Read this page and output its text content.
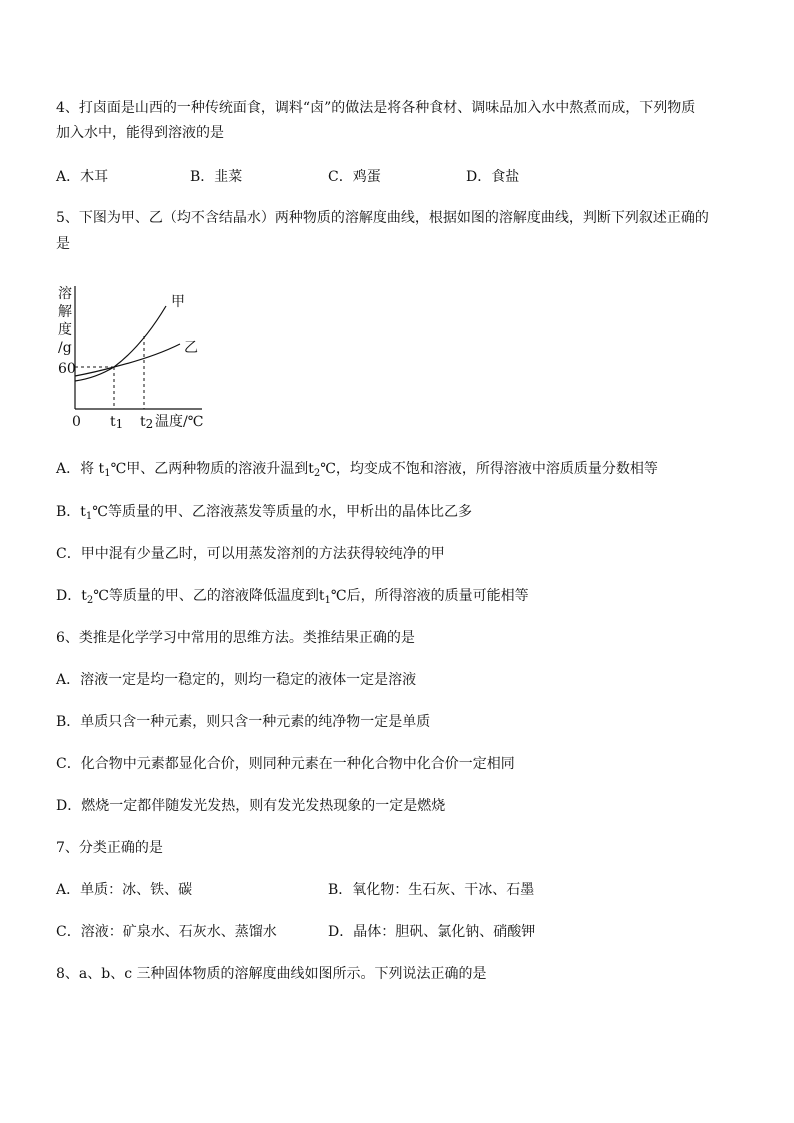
4、打卤面是山西的一种传统面食，调料“卤”的做法是将各种食材、调味品加入水中熬煮而成，下列物质
加入水中，能得到溶液的是
A．木耳	B．韭菜	C．鸡蛋	D．食盐
5、下图为甲、乙（均不含结晶水）两种物质的溶解度曲线，根据如图的溶解度曲线，判断下列叙述正确的
是
溶
解
度
/g
60
0 t1 t2 温度/℃
甲
乙
A．将 $t_1℃$甲、乙两种物质的溶液升温到$t_2℃$，均变成不饱和溶液，所得溶液中溶质质量分数相等
B．$t_1℃$等质量的甲、乙溶液蒸发等质量的水，甲析出的晶体比乙多
C．甲中混有少量乙时，可以用蒸发溶剂的方法获得较纯净的甲
D．$t_2℃$等质量的甲、乙的溶液降低温度到$t_1℃$后，所得溶液的质量可能相等
6、类推是化学学习中常用的思维方法。类推结果正确的是
A．溶液一定是均一稳定的，则均一稳定的液体一定是溶液
B．单质只含一种元素，则只含一种元素的纯净物一定是单质
C．化合物中元素都显化合价，则同种元素在一种化合物中化合价一定相同
D．燃烧一定都伴随发光发热，则有发光发热现象的一定是燃烧
7、分类正确的是
A．单质：冰、铁、碳	B．氧化物：生石灰、干冰、石墨
C．溶液：矿泉水、石灰水、蒸馏水	D．晶体：胆矾、氯化钠、硝酸钾
8、a、b、c 三种固体物质的溶解度曲线如图所示。下列说法正确的是
